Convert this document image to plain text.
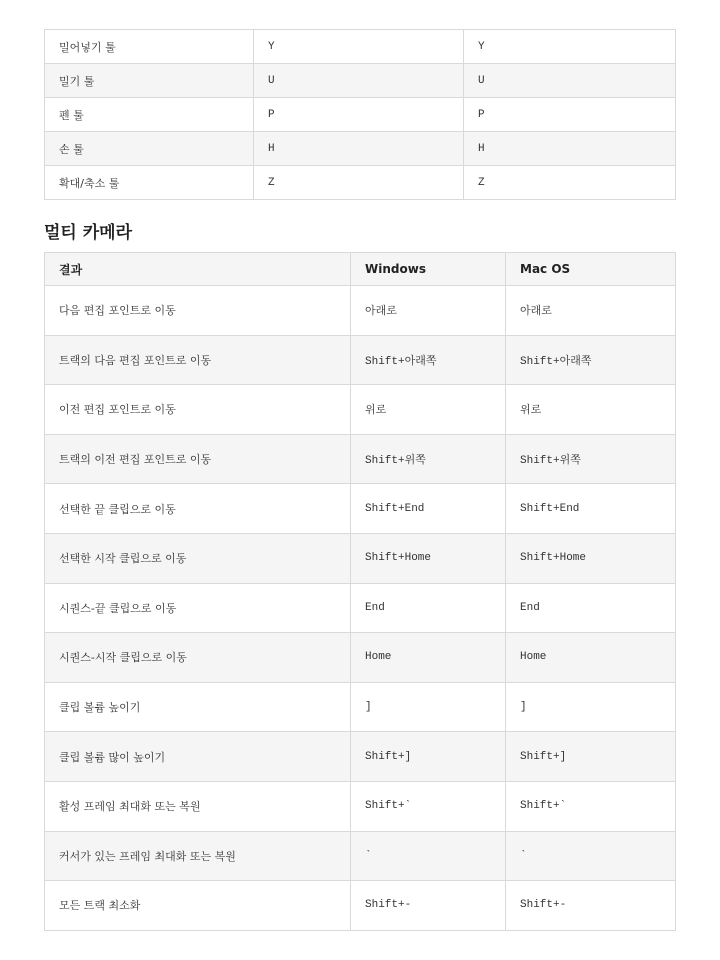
밀어넣기 툴	Y	Y
밀기 툴	U	U
펜 툴	P	P
손 툴	H	H
확대/축소 툴	Z	Z
멀티 카메라
결과	Windows	Mac OS
다음 편집 포인트로 이동	아래로	아래로
트랙의 다음 편집 포인트로 이동	Shift+아래쪽	Shift+아래쪽
이전 편집 포인트로 이동	위로	위로
트랙의 이전 편집 포인트로 이동	Shift+위쪽	Shift+위쪽
선택한 끝 클립으로 이동	Shift+End	Shift+End
선택한 시작 클립으로 이동	Shift+Home	Shift+Home
시퀀스-끝 클립으로 이동	End	End
시퀀스-시작 클립으로 이동	Home	Home
클립 볼륨 높이기	]	]
클립 볼륨 많이 높이기	Shift+]	Shift+]
활성 프레임 최대화 또는 복원	Shift+`	Shift+`
커서가 있는 프레임 최대화 또는 복원	`	`
모든 트랙 최소화	Shift+-	Shift+-
